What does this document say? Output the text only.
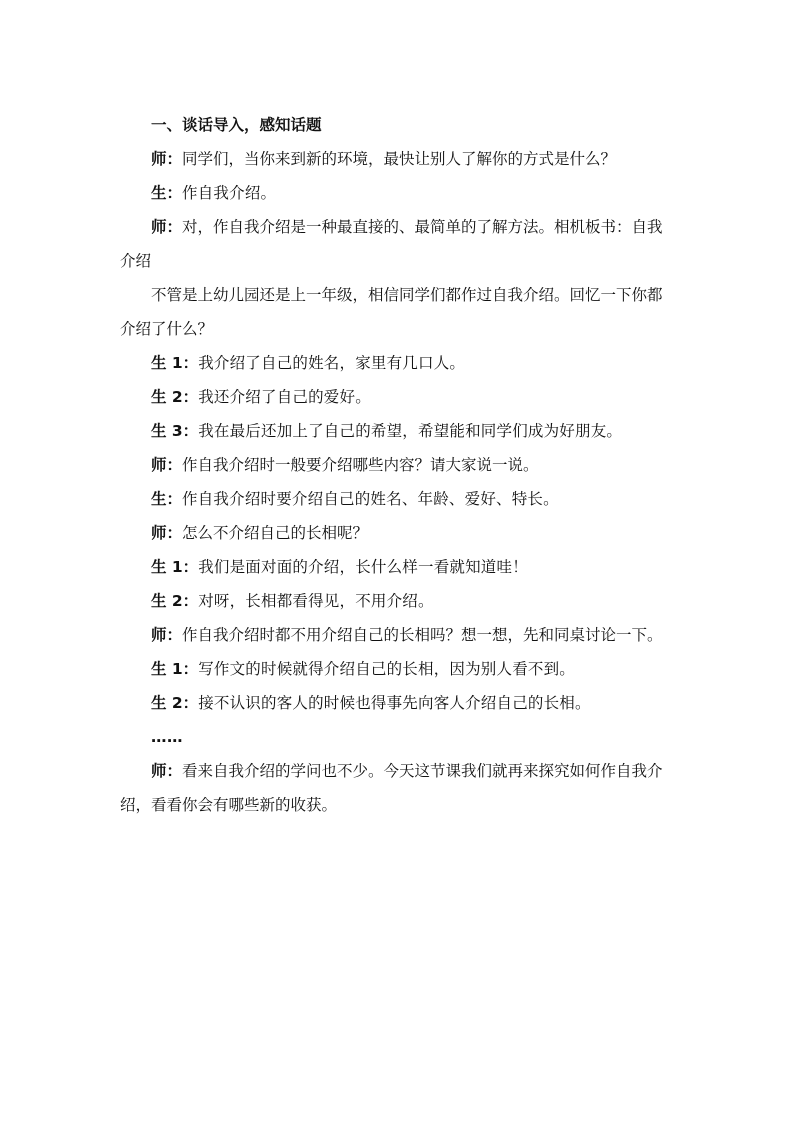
一、谈话导入，感知话题
师：同学们，当你来到新的环境，最快让别人了解你的方式是什么？
生：作自我介绍。
师：对，作自我介绍是一种最直接的、最简单的了解方法。相机板书：自我
介绍
不管是上幼儿园还是上一年级，相信同学们都作过自我介绍。回忆一下你都
介绍了什么？
生 1：我介绍了自己的姓名，家里有几口人。
生 2：我还介绍了自己的爱好。
生 3：我在最后还加上了自己的希望，希望能和同学们成为好朋友。
师：作自我介绍时一般要介绍哪些内容？请大家说一说。
生：作自我介绍时要介绍自己的姓名、年龄、爱好、特长。
师：怎么不介绍自己的长相呢？
生 1：我们是面对面的介绍，长什么样一看就知道哇！
生 2：对呀，长相都看得见，不用介绍。
师：作自我介绍时都不用介绍自己的长相吗？想一想，先和同桌讨论一下。
生 1：写作文的时候就得介绍自己的长相，因为别人看不到。
生 2：接不认识的客人的时候也得事先向客人介绍自己的长相。
……
师：看来自我介绍的学问也不少。今天这节课我们就再来探究如何作自我介
绍，看看你会有哪些新的收获。
